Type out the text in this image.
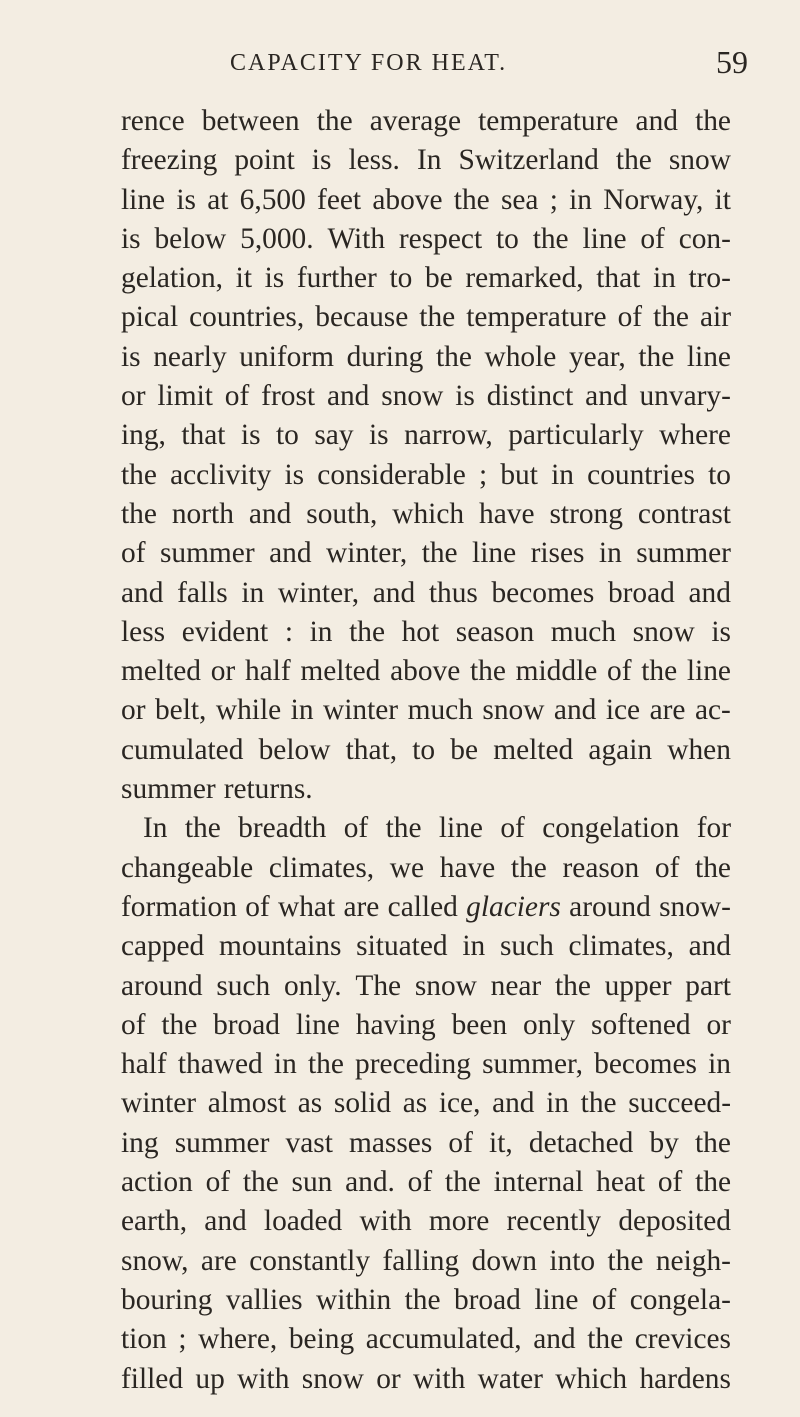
CAPACITY FOR HEAT.	59
rence between the average temperature and the
freezing point is less. In Switzerland the snow
line is at 6,500 feet above the sea ; in Norway, it
is below 5,000. With respect to the line of con-
gelation, it is further to be remarked, that in tro-
pical countries, because the temperature of the air
is nearly uniform during the whole year, the line
or limit of frost and snow is distinct and unvary-
ing, that is to say is narrow, particularly where
the acclivity is considerable ; but in countries to
the north and south, which have strong contrast
of summer and winter, the line rises in summer
and falls in winter, and thus becomes broad and
less evident : in the hot season much snow is
melted or half melted above the middle of the line
or belt, while in winter much snow and ice are ac-
cumulated below that, to be melted again when
summer returns.
In the breadth of the line of congelation for
changeable climates, we have the reason of the
formation of what are called glaciers around snow-
capped mountains situated in such climates, and
around such only. The snow near the upper part
of the broad line having been only softened or
half thawed in the preceding summer, becomes in
winter almost as solid as ice, and in the succeed-
ing summer vast masses of it, detached by the
action of the sun and. of the internal heat of the
earth, and loaded with more recently deposited
snow, are constantly falling down into the neigh-
bouring vallies within the broad line of congela-
tion ; where, being accumulated, and the crevices
filled up with snow or with water which hardens
